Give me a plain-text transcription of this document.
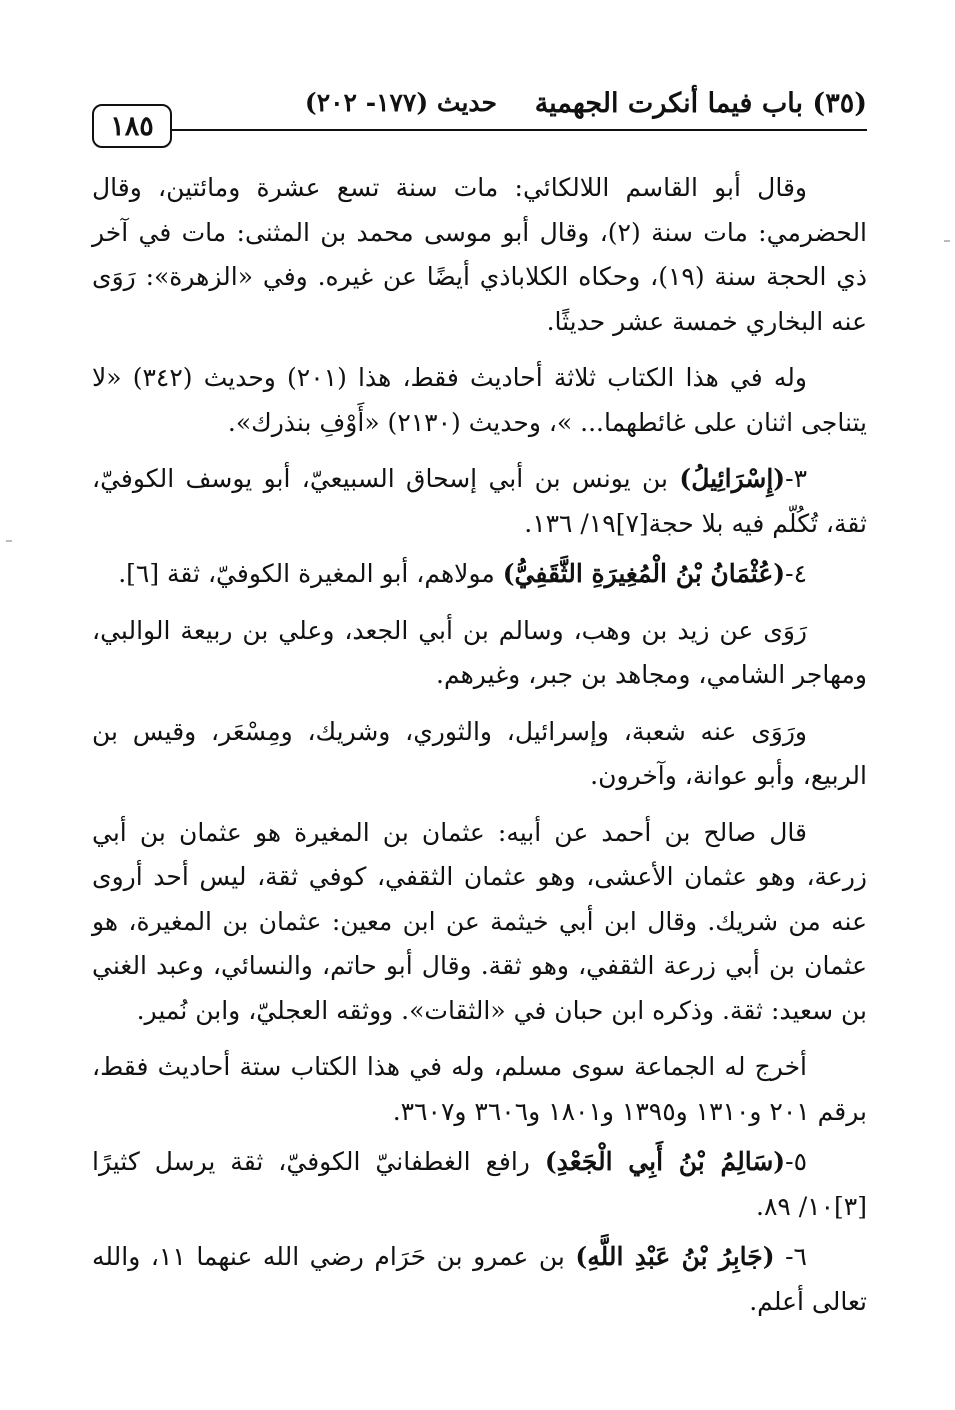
(٣٥) باب فيما أنكرت الجهمية
حديث (١٧٧- ٢٠٢)
١٨٥

وقال أبو القاسم اللالكائي: مات سنة تسع عشرة ومائتين، وقال الحضرمي: مات سنة (٢)، وقال أبو موسى محمد بن المثنى: مات في آخر ذي الحجة سنة (١٩)، وحكاه الكلاباذي أيضًا عن غيره. وفي «الزهرة»: رَوَى عنه البخاري خمسة عشر حديثًا.

وله في هذا الكتاب ثلاثة أحاديث فقط، هذا (٢٠١) وحديث (٣٤٢) «لا يتناجى اثنان على غائطهما... »، وحديث (٢١٣٠) «أَوْفِ بنذرك».

٣-(إِسْرَائِيلُ) بن يونس بن أبي إسحاق السبيعيّ، أبو يوسف الكوفيّ، ثقة، تُكُلّم فيه بلا حجة[٧]١٩/ ١٣٦.

٤-(عُثْمَانُ بْنُ الْمُغِيرَةِ الثَّقَفِيُّ) مولاهم، أبو المغيرة الكوفيّ، ثقة [٦].

رَوَى عن زيد بن وهب، وسالم بن أبي الجعد، وعلي بن ربيعة الوالبي، ومهاجر الشامي، ومجاهد بن جبر، وغيرهم.

ورَوَى عنه شعبة، وإسرائيل، والثوري، وشريك، ومِسْعَر، وقيس بن الربيع، وأبو عوانة، وآخرون.

قال صالح بن أحمد عن أبيه: عثمان بن المغيرة هو عثمان بن أبي زرعة، وهو عثمان الأعشى، وهو عثمان الثقفي، كوفي ثقة، ليس أحد أروى عنه من شريك. وقال ابن أبي خيثمة عن ابن معين: عثمان بن المغيرة، هو عثمان بن أبي زرعة الثقفي، وهو ثقة. وقال أبو حاتم، والنسائي، وعبد الغني بن سعيد: ثقة. وذكره ابن حبان في «الثقات». ووثقه العجليّ، وابن نُمير.

أخرج له الجماعة سوى مسلم، وله في هذا الكتاب ستة أحاديث فقط، برقم ٢٠١ و١٣١٠ و١٣٩٥ و١٨٠١ و٣٦٠٦ و٣٦٠٧.

٥-(سَالِمُ بْنُ أَبِي الْجَعْدِ) رافع الغطفانيّ الكوفيّ، ثقة يرسل كثيرًا [٣]١٠/ ٨٩.

٦- (جَابِرُ بْنُ عَبْدِ اللَّهِ) بن عمرو بن حَرَام رضي الله عنهما ١١، والله تعالى أعلم.
